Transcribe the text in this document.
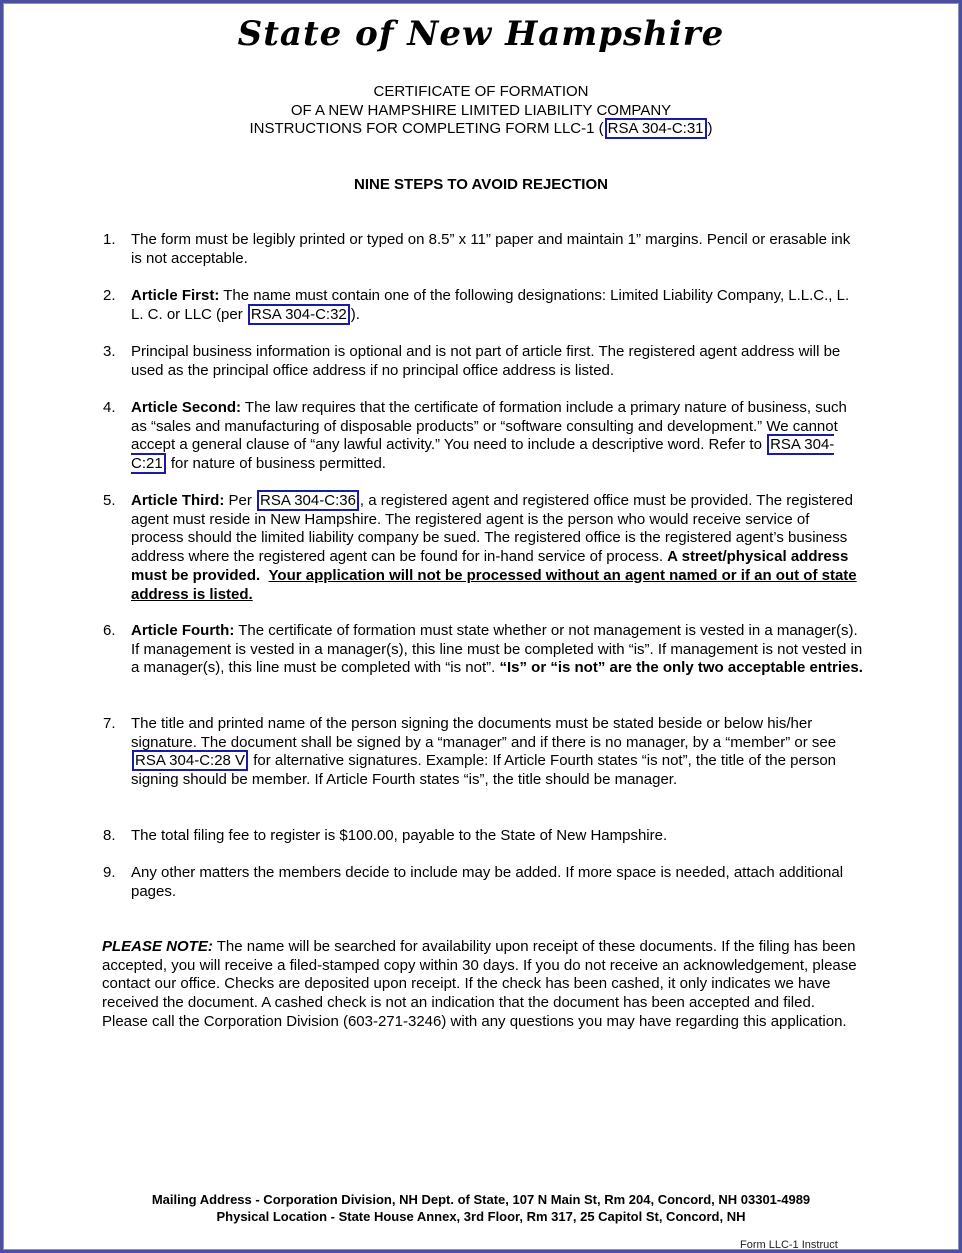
State of New Hampshire
CERTIFICATE OF FORMATION
OF A NEW HAMPSHIRE LIMITED LIABILITY COMPANY
INSTRUCTIONS FOR COMPLETING FORM LLC-1 ( RSA 304-C:31 )
NINE STEPS TO AVOID REJECTION
1. The form must be legibly printed or typed on 8.5” x 11” paper and maintain 1” margins. Pencil or erasable ink is not acceptable.
2. Article First: The name must contain one of the following designations: Limited Liability Company, L.L.C., L. L. C. or LLC (per RSA 304-C:32 ).
3. Principal business information is optional and is not part of article first. The registered agent address will be used as the principal office address if no principal office address is listed.
4. Article Second: The law requires that the certificate of formation include a primary nature of business, such as “sales and manufacturing of disposable products” or “software consulting and development.” We cannot accept a general clause of “any lawful activity.” You need to include a descriptive word. Refer to RSA 304-C:21 for nature of business permitted.
5. Article Third: Per RSA 304-C:36 , a registered agent and registered office must be provided. The registered agent must reside in New Hampshire. The registered agent is the person who would receive service of process should the limited liability company be sued. The registered office is the registered agent’s business address where the registered agent can be found for in-hand service of process. A street/physical address must be provided. Your application will not be processed without an agent named or if an out of state address is listed.
6. Article Fourth: The certificate of formation must state whether or not management is vested in a manager(s). If management is vested in a manager(s), this line must be completed with “is”. If management is not vested in a manager(s), this line must be completed with “is not”. “Is” or “is not” are the only two acceptable entries.
7. The title and printed name of the person signing the documents must be stated beside or below his/her signature. The document shall be signed by a “manager” and if there is no manager, by a “member” or see RSA 304-C:28 V for alternative signatures. Example: If Article Fourth states “is not”, the title of the person signing should be member. If Article Fourth states “is”, the title should be manager.
8. The total filing fee to register is $100.00, payable to the State of New Hampshire.
9. Any other matters the members decide to include may be added. If more space is needed, attach additional pages.
PLEASE NOTE: The name will be searched for availability upon receipt of these documents. If the filing has been accepted, you will receive a filed-stamped copy within 30 days. If you do not receive an acknowledgement, please contact our office. Checks are deposited upon receipt. If the check has been cashed, it only indicates we have received the document. A cashed check is not an indication that the document has been accepted and filed. Please call the Corporation Division (603-271-3246) with any questions you may have regarding this application.
Mailing Address - Corporation Division, NH Dept. of State, 107 N Main St, Rm 204, Concord, NH 03301-4989
Physical Location - State House Annex, 3rd Floor, Rm 317, 25 Capitol St, Concord, NH
Form LLC-1 Instruct
